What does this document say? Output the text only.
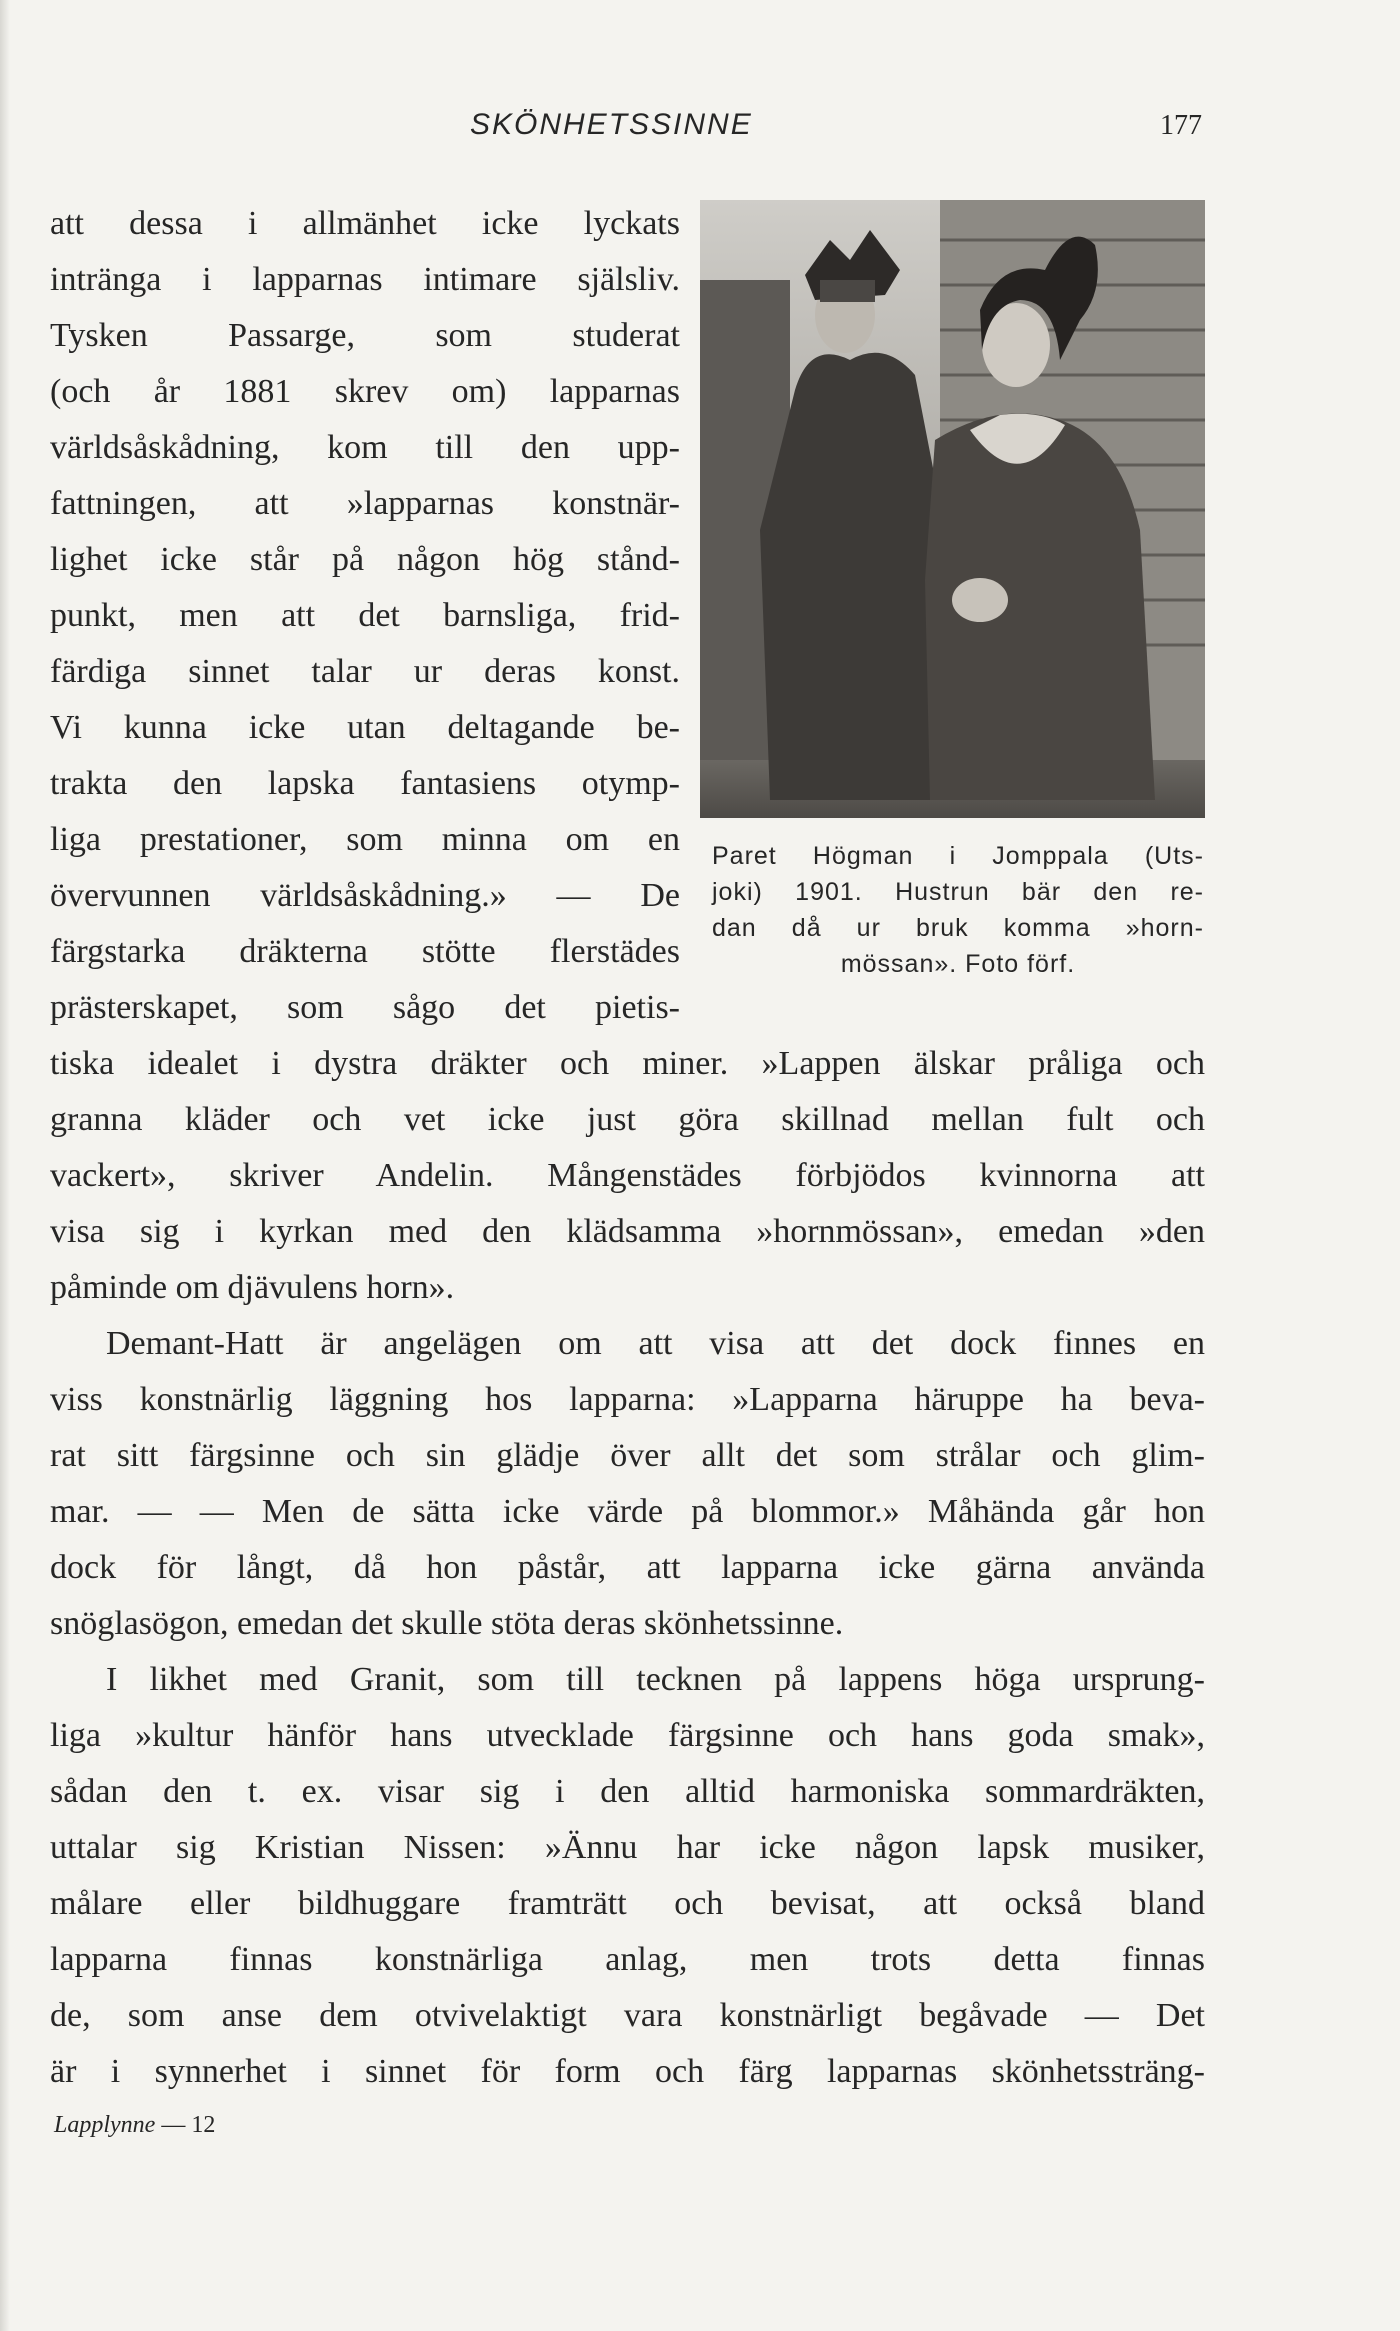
SKÖNHETSSINNE	177
att dessa i allmänhet icke lyckats
inträngа i lapparnas intimare själsliv.
Tysken Passarge, som studerat
(och år 1881 skrev om) lapparnas
världsåskådning, kom till den upp-
fattningen, att »lapparnas konstnär-
lighet icke står på någon hög stånd-
punkt, men att det barnsliga, frid-
färdiga sinnet talar ur deras konst.
Vi kunna icke utan deltagande be-
trakta den lapska fantasiens otymp-
liga prestationer, som minna om en
övervunnen världsåskådning.» — De
färgstarka dräkterna stötte flerstädes
prästerskapet, som sågo det pietis-
Paret Högman i Jomppala (Uts-
joki) 1901. Hustrun bär den re-
dan då ur bruk komma »horn-
mössan». Foto förf.
tiska idealet i dystra dräkter och miner. »Lappen älskar pråliga och
granna kläder och vet icke just göra skillnad mellan fult och
vackert», skriver Andelin. Mångenstädes förbjödos kvinnorna att
visa sig i kyrkan med den klädsamma »hornmössan», emedan »den
påminde om djävulens horn».
Demant-Hatt är angelägen om att visa att det dock finnes en
viss konstnärlig läggning hos lapparna: »Lapparna häruppe ha beva-
rat sitt färgsinne och sin glädje över allt det som strålar och glim-
mar. — — Men de sätta icke värde på blommor.» Måhända går hon
dock för långt, då hon påstår, att lapparna icke gärna använda
snöglasögon, emedan det skulle stöta deras skönhetssinne.
I likhet med Granit, som till tecknen på lappens höga ursprung-
liga »kultur hänför hans utvecklade färgsinne och hans goda smak»,
sådan den t. ex. visar sig i den alltid harmoniska sommardräkten,
uttalar sig Kristian Nissen: »Ännu har icke någon lapsk musiker,
målare eller bildhuggare framträtt och bevisat, att också bland
lapparna finnas konstnärliga anlag, men trots detta finnas
de, som anse dem otvivelaktigt vara konstnärligt begåvade — Det
är i synnerhet i sinnet för form och färg lapparnas skönhetssträng-
Lapplynne — 12
